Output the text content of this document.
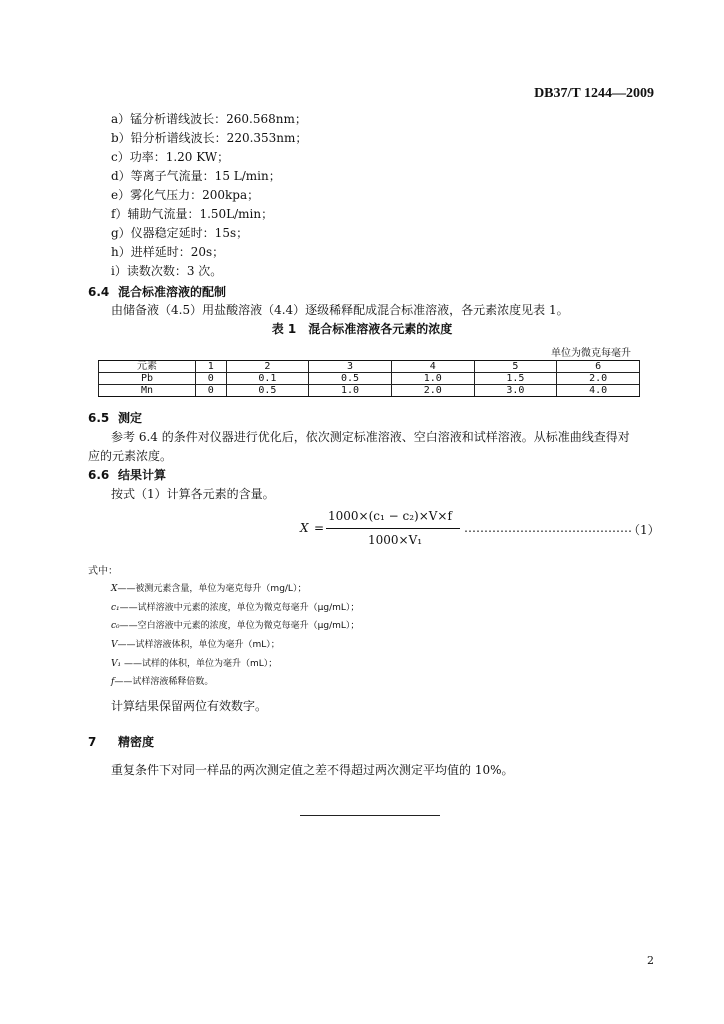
DB37/T 1244—2009
a）锰分析谱线波长：260.568nm；
b）铅分析谱线波长：220.353nm；
c）功率：1.20 KW；
d）等离子气流量：15 L/min；
e）雾化气压力：200kpa；
f）辅助气流量：1.50L/min；
g）仪器稳定延时：15s；
h）进样延时：20s；
i）读数次数：3 次。
6.4 混合标准溶液的配制
由储备液（4.5）用盐酸溶液（4.4）逐级稀释配成混合标准溶液，各元素浓度见表 1。
表 1　混合标准溶液各元素的浓度
单位为微克每毫升
元素	1	2	3	4	5	6
Pb	0	0.1	0.5	1.0	1.5	2.0
Mn	0	0.5	1.0	2.0	3.0	4.0
6.5 测定
参考 6.4 的条件对仪器进行优化后，依次测定标准溶液、空白溶液和试样溶液。从标准曲线查得对
应的元素浓度。
6.6 结果计算
按式（1）计算各元素的含量。
X =
1000×(c₁ − c₂)×V×f
1000×V₁
……………………………………
（1）
式中：
X——被测元素含量，单位为毫克每升（mg/L）；
c₁——试样溶液中元素的浓度，单位为微克每毫升（μg/mL）；
c₀——空白溶液中元素的浓度，单位为微克每毫升（μg/mL）；
V——试样溶液体积，单位为毫升（mL）；
V₁ ——试样的体积，单位为毫升（mL）；
f——试样溶液稀释倍数。
计算结果保留两位有效数字。
7 精密度
重复条件下对同一样品的两次测定值之差不得超过两次测定平均值的 10%。
2
